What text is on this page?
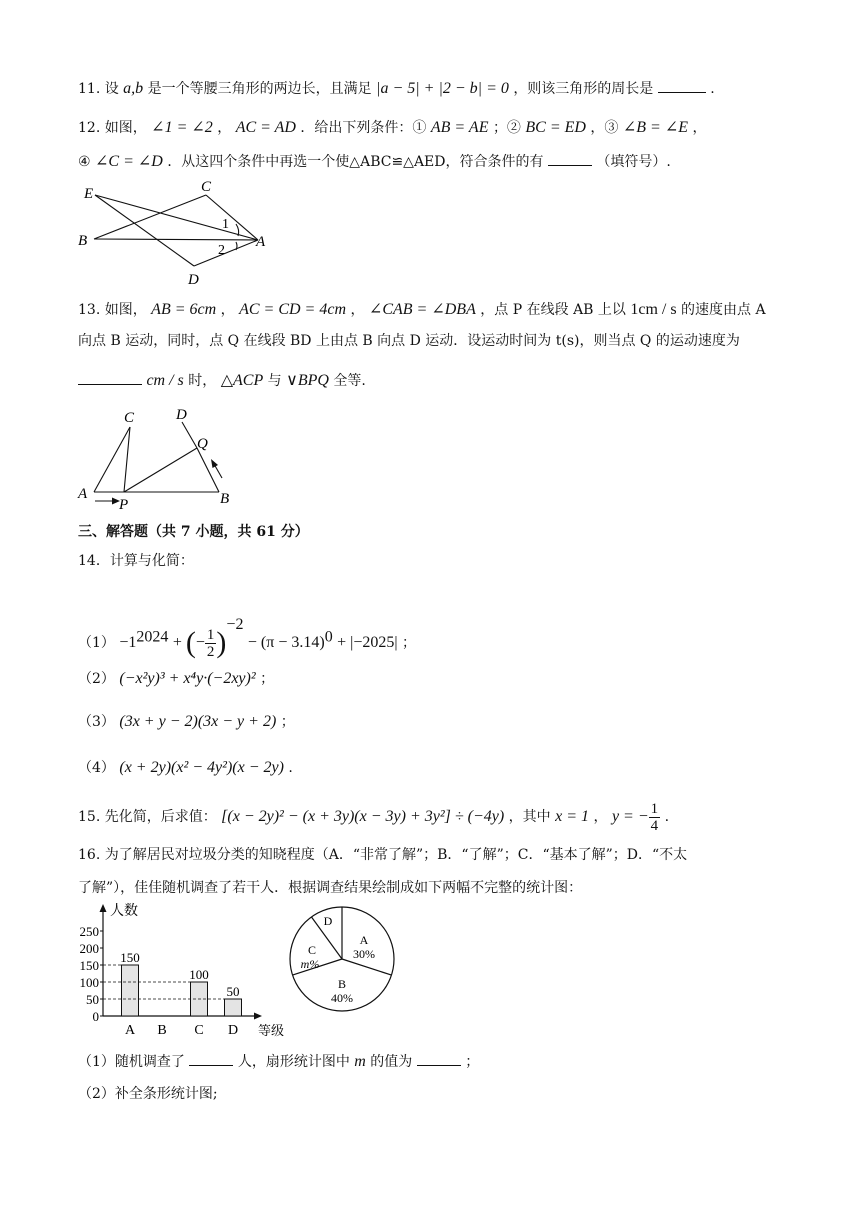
11. 设 a,b 是一个等腰三角形的两边长，且满足 |a − 5| + |2 − b| = 0 ，则该三角形的周长是	.
12. 如图， ∠1 = ∠2 ， AC = AD ．给出下列条件：① AB = AE ；② BC = ED ，③ ∠B = ∠E ，
④ ∠C = ∠D ．从这四个条件中再选一个使△ABC≌△AED，符合条件的有	（填符号）.
E	C
B	A
D
1
2
13. 如图， AB = 6cm ， AC = CD = 4cm ， ∠CAB = ∠DBA ，点 P 在线段 AB 上以 1cm / s 的速度由点 A
向点 B 运动，同时，点 Q 在线段 BD 上由点 B 向点 D 运动．设运动时间为 t(s)，则当点 Q 的运动速度为
cm / s 时， △ACP 与 ∨BPQ 全等.
C	D
Q
A
P	B
三、解答题（共 7 小题，共 61 分）
14．计算与化简：
$(1) -1^{2024}$ + (− $\frac{1}{2} )^{-2} - (\pi - 3.14)^0 + |-2025|$ ；
（2） (−x²y)³ + x⁴y·(−2xy)² ；
（3） (3x + y − 2)(3x − y + 2) ；
（4） (x + 2y)(x² − 4y²)(x − 2y) .
15. 先化简，后求值： [(x − 2y)² − (x + 3y)(x − 3y) + 3y²] ÷ (−4y) ，其中 x = 1 ， y = − $\frac{1}{4}$ .
16. 为了解居民对垃圾分类的知晓程度（A．“非常了解”；B．“了解”；C．“基本了解”；D．“不太
了解”），佳佳随机调查了若干人．根据调查结果绘制成如下两幅不完整的统计图：
人数
等级
0
50
100
150
200
250
A
150
B C
100
D
50
A
30%
B
40%
C
m%
D
（1）随机调查了	人，扇形统计图中 m 的值为	；
（2）补全条形统计图;
